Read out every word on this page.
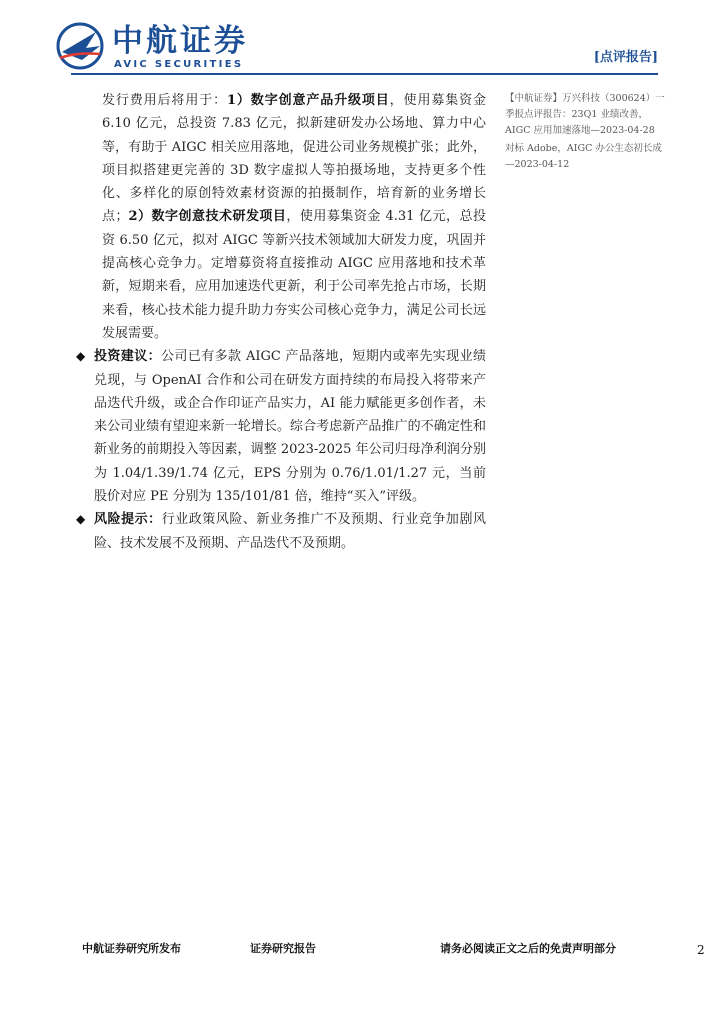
中航证券
AVIC SECURITIES	[点评报告]

发行费用后将用于：1）数字创意产品升级项目，使用募集资金6.10 亿元，总投资 7.83 亿元，拟新建研发办公场地、算力中心等，有助于 AIGC 相关应用落地，促进公司业务规模扩张；此外，项目拟搭建更完善的 3D 数字虚拟人等拍摄场地，支持更多个性化、多样化的原创特效素材资源的拍摄制作，培育新的业务增长点；2）数字创意技术研发项目，使用募集资金 4.31 亿元，总投资 6.50 亿元，拟对 AIGC 等新兴技术领域加大研发力度，巩固并提高核心竞争力。定增募资将直接推动 AIGC 应用落地和技术革新，短期来看，应用加速迭代更新，利于公司率先抢占市场，长期来看，核心技术能力提升助力夯实公司核心竞争力，满足公司长远发展需要。

◆ 投资建议：公司已有多款 AIGC 产品落地，短期内或率先实现业绩兑现，与 OpenAI 合作和公司在研发方面持续的布局投入将带来产品迭代升级，或企合作印证产品实力，AI 能力赋能更多创作者，未来公司业绩有望迎来新一轮增长。综合考虑新产品推广的不确定性和新业务的前期投入等因素，调整 2023-2025 年公司归母净利润分别为 1.04/1.39/1.74 亿元，EPS 分别为 0.76/1.01/1.27 元，当前股价对应 PE 分别为 135/101/81 倍，维持“买入”评级。

◆ 风险提示：行业政策风险、新业务推广不及预期、行业竞争加剧风险、技术发展不及预期、产品迭代不及预期。

【中航证券】万兴科技（300624）一季报点评报告：23Q1 业绩改善，AIGC 应用加速落地—2023-04-28

对标 Adobe，AIGC 办公生态初长成—2023-04-12

中航证券研究所发布	证券研究报告	请务必阅读正文之后的免责声明部分	2
